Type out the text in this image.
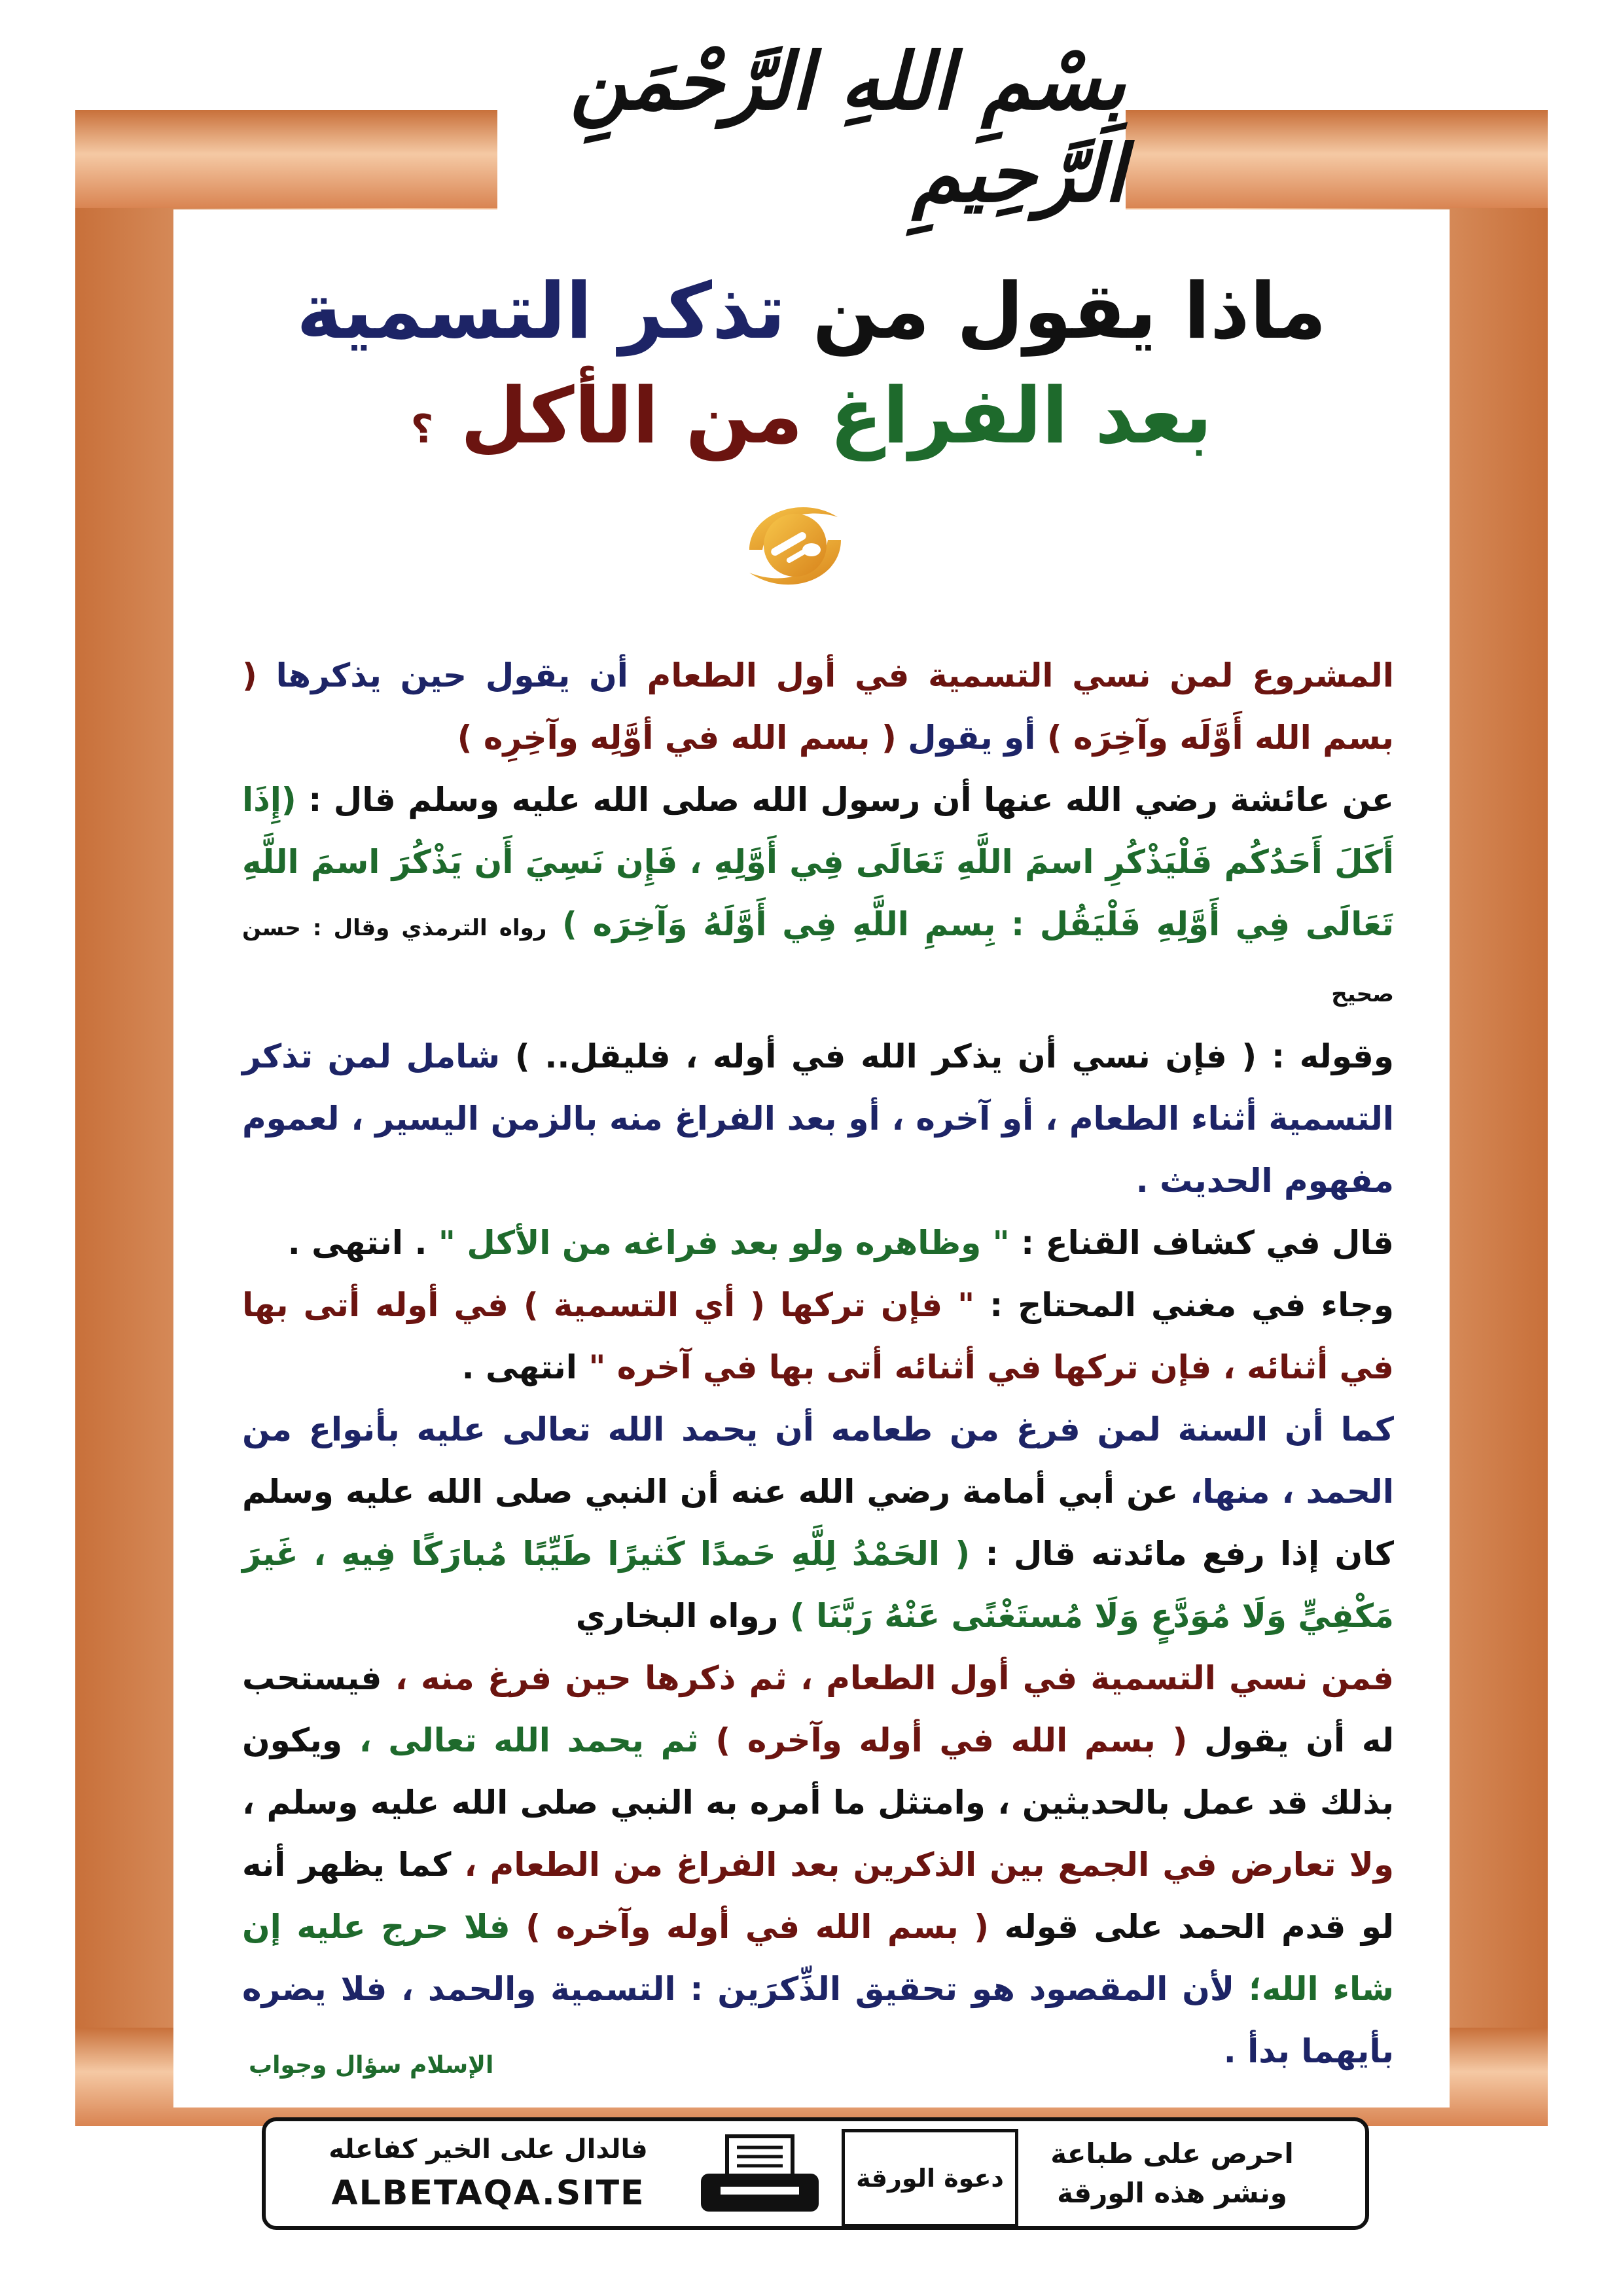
بِسْمِ اللهِ الرَّحْمَنِ الرَّحِيمِ
ماذا يقول من تذكر التسمية
بعد الفراغ من الأكل ؟

المشروع لمن نسي التسمية في أول الطعام أن يقول حين يذكرها ( بسم الله أَوَّلَه وآخِرَه ) أو يقول ( بسم الله في أوَّلِه وآخِرِه )

عن عائشة رضي الله عنها أن رسول الله صلى الله عليه وسلم قال : (إِذَا أَكَلَ أَحَدُكُم فَلْيَذْكُرِ اسمَ اللَّهِ تَعَالَى فِي أَوَّلِهِ ، فَإِن نَسِيَ أَن يَذْكُرَ اسمَ اللَّهِ تَعَالَى فِي أَوَّلِهِ فَلْيَقُل : بِسمِ اللَّهِ فِي أَوَّلَهُ وَآخِرَه ) رواه الترمذي وقال : حسن صحيح

وقوله : ( فإن نسي أن يذكر الله في أوله ، فليقل.. ) شامل لمن تذكر التسمية أثناء الطعام ، أو آخره ، أو بعد الفراغ منه بالزمن اليسير ، لعموم مفهوم الحديث .

قال في كشاف القناع : " وظاهره ولو بعد فراغه من الأكل " . انتهى .

وجاء في مغني المحتاج : " فإن تركها ( أي التسمية ) في أوله أتى بها في أثنائه ، فإن تركها في أثنائه أتى بها في آخره " انتهى .

كما أن السنة لمن فرغ من طعامه أن يحمد الله تعالى عليه بأنواع من الحمد ، منها، عن أبي أمامة رضي الله عنه أن النبي صلى الله عليه وسلم كان إذا رفع مائدته قال : ( الحَمْدُ لِلَّهِ حَمدًا كَثيرًا طَيِّبًا مُبارَكًا فِيهِ ، غَيرَ مَكْفِيٍّ وَلَا مُوَدَّعٍ وَلَا مُستَغْنًى عَنْهُ رَبَّنَا ) رواه البخاري

فمن نسي التسمية في أول الطعام ، ثم ذكرها حين فرغ منه ، فيستحب له أن يقول ( بسم الله في أوله وآخره ) ثم يحمد الله تعالى ، ويكون بذلك قد عمل بالحديثين ، وامتثل ما أمره به النبي صلى الله عليه وسلم ، ولا تعارض في الجمع بين الذكرين بعد الفراغ من الطعام ، كما يظهر أنه لو قدم الحمد على قوله ( بسم الله في أوله وآخره ) فلا حرج عليه إن شاء الله؛ لأن المقصود هو تحقيق الذِّكرَين : التسمية والحمد ، فلا يضره بأيهما بدأ .

الإسلام سؤال وجواب
فالدال على الخير كفاعله
ALBETAQA.SITE	دعوة الورقة
احرص على طباعة
ونشر هذه الورقة
